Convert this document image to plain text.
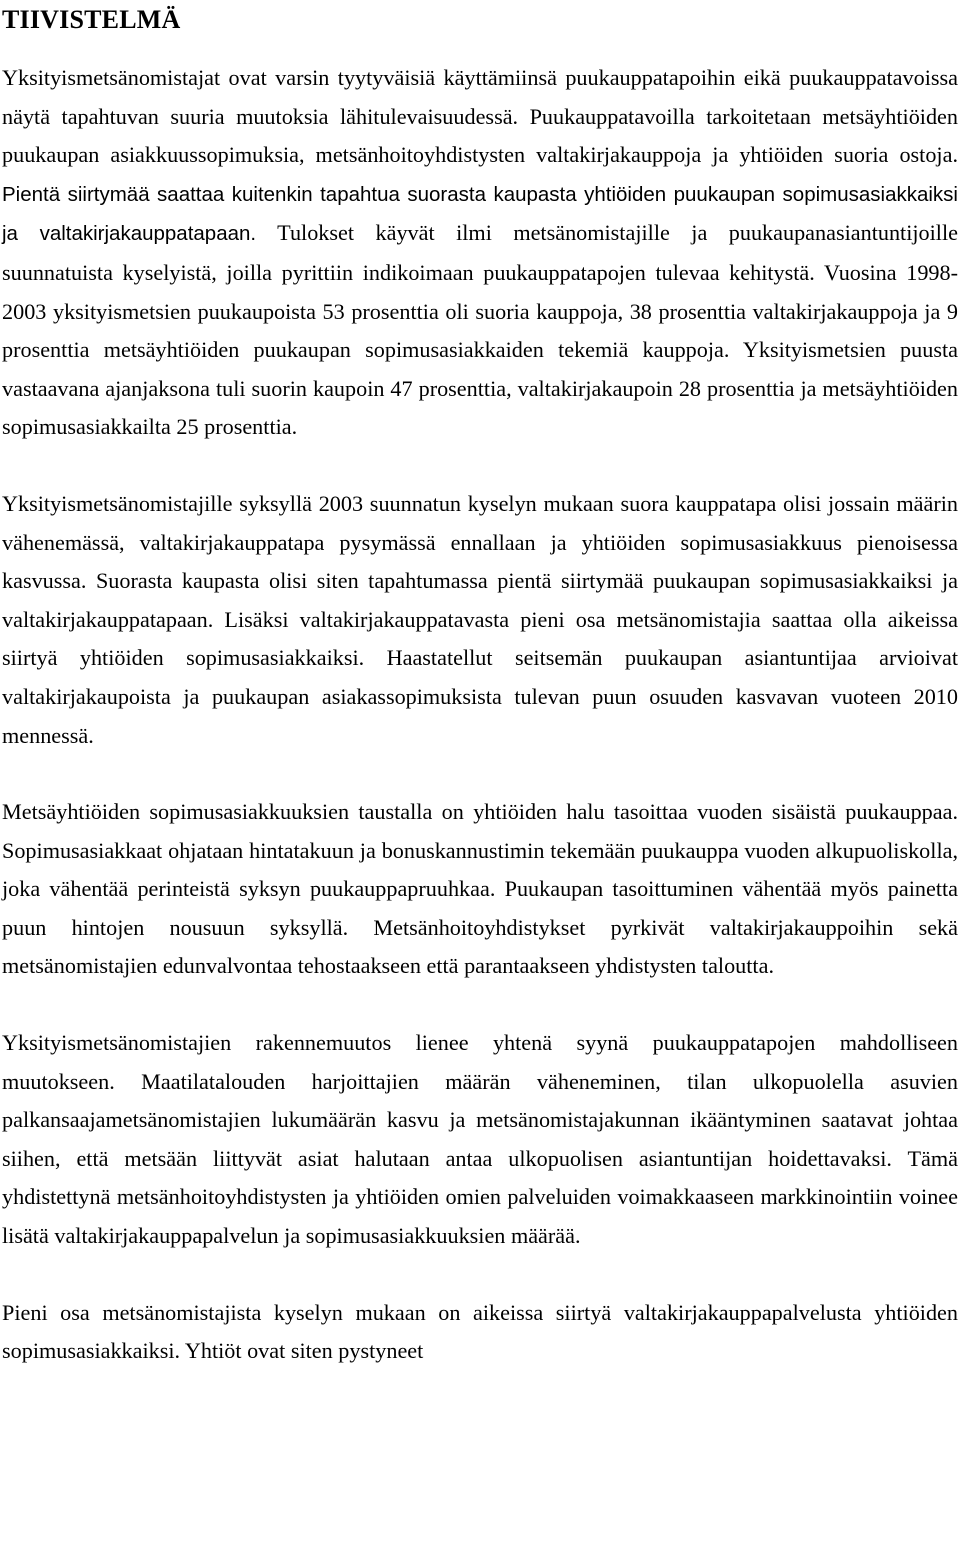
TIIVISTELMÄ

Yksityismetsänomistajat ovat varsin tyytyväisiä käyttämiinsä puukauppatapoihin eikä puukauppatavoissa näytä tapahtuvan suuria muutoksia lähitulevaisuudessä. Puukauppatavoilla tarkoitetaan metsäyhtiöiden puukaupan asiakkuussopimuksia, metsänhoitoyhdistysten valtakirjakauppoja ja yhtiöiden suoria ostoja. Pientä siirtymää saattaa kuitenkin tapahtua suorasta kaupasta yhtiöiden puukaupan sopimusasiakkaiksi ja valtakirjakauppatapaan. Tulokset käyvät ilmi metsänomistajille ja puukaupanasiantuntijoille suunnatuista kyselyistä, joilla pyrittiin indikoimaan puukauppatapojen tulevaa kehitystä. Vuosina 1998-2003 yksityismetsien puukaupoista 53 prosenttia oli suoria kauppoja, 38 prosenttia valtakirjakauppoja ja 9 prosenttia metsäyhtiöiden puukaupan sopimusasiakkaiden tekemiä kauppoja. Yksityismetsien puusta vastaavana ajanjaksona tuli suorin kaupoin 47 prosenttia, valtakirjakaupoin 28 prosenttia ja metsäyhtiöiden sopimusasiakkailta 25 prosenttia.

Yksityismetsänomistajille syksyllä 2003 suunnatun kyselyn mukaan suora kauppatapa olisi jossain määrin vähenemässä, valtakirjakauppatapa pysymässä ennallaan ja yhtiöiden sopimusasiakkuus pienoisessa kasvussa. Suorasta kaupasta olisi siten tapahtumassa pientä siirtymää puukaupan sopimusasiakkaiksi ja valtakirjakauppatapaan. Lisäksi valtakirjakauppatavasta pieni osa metsänomistajia saattaa olla aikeissa siirtyä yhtiöiden sopimusasiakkaiksi. Haastatellut seitsemän puukaupan asiantuntijaa arvioivat valtakirjakaupoista ja puukaupan asiakassopimuksista tulevan puun osuuden kasvavan vuoteen 2010 mennessä.

Metsäyhtiöiden sopimusasiakkuuksien taustalla on yhtiöiden halu tasoittaa vuoden sisäistä puukauppaa. Sopimusasiakkaat ohjataan hintatakuun ja bonuskannustimin tekemään puukauppa vuoden alkupuoliskolla, joka vähentää perinteistä syksyn puukauppapruuhkaa. Puukaupan tasoittuminen vähentää myös painetta puun hintojen nousuun syksyllä. Metsänhoitoyhdistykset pyrkivät valtakirjakauppoihin sekä metsänomistajien edunvalvontaa tehostaakseen että parantaakseen yhdistysten taloutta.

Yksityismetsänomistajien rakennemuutos lienee yhtenä syynä puukauppatapojen mahdolliseen muutokseen. Maatilatalouden harjoittajien määrän väheneminen, tilan ulkopuolella asuvien palkansaajametsänomistajien lukumäärän kasvu ja metsänomistajakunnan ikääntyminen saatavat johtaa siihen, että metsään liittyvät asiat halutaan antaa ulkopuolisen asiantuntijan hoidettavaksi. Tämä yhdistettynä metsänhoitoyhdistysten ja yhtiöiden omien palveluiden voimakkaaseen markkinointiin voinee lisätä valtakirjakauppapalvelun ja sopimusasiakkuuksien määrää.

Pieni osa metsänomistajista kyselyn mukaan on aikeissa siirtyä valtakirjakauppapalvelusta yhtiöiden sopimusasiakkaiksi. Yhtiöt ovat siten pystyneet
